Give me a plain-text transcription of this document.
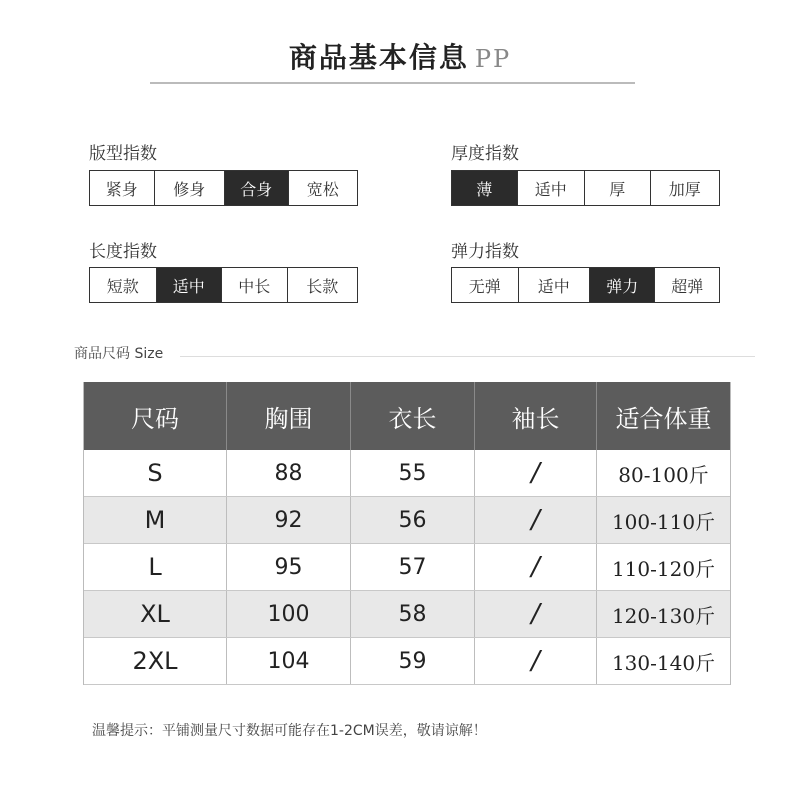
商品基本信息 PP
版型指数
紧身	修身	合身	宽松
厚度指数
薄	适中	厚	加厚
长度指数
短款	适中	中长	长款
弹力指数
无弹	适中	弹力	超弹
商品尺码 Size
尺码	胸围	衣长	袖长	适合体重
S	88	55	/	80-100斤
M	92	56	/	100-110斤
L	95	57	/	110-120斤
XL	100	58	/	120-130斤
2XL	104	59	/	130-140斤
温馨提示：平铺测量尺寸数据可能存在1-2CM误差，敬请谅解！
